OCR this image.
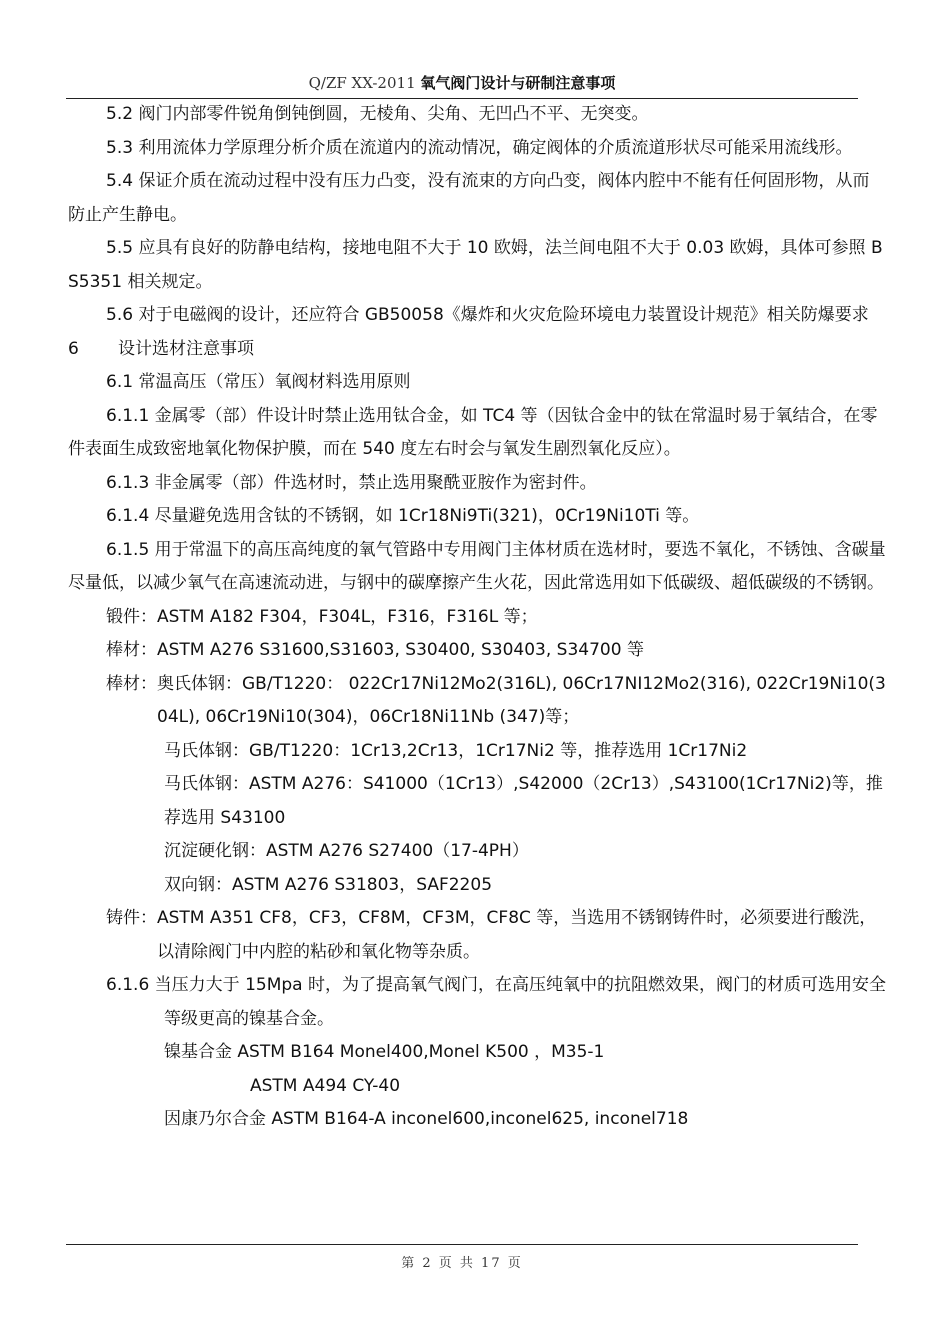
Q/ZF XX-2011 氧气阀门设计与研制注意事项

5.2 阀门内部零件锐角倒钝倒圆，无棱角、尖角、无凹凸不平、无突变。

5.3 利用流体力学原理分析介质在流道内的流动情况，确定阀体的介质流道形状尽可能采用流线形。

5.4 保证介质在流动过程中没有压力凸变，没有流束的方向凸变，阀体内腔中不能有任何固形物，从而防止产生静电。

5.5 应具有良好的防静电结构，接地电阻不大于 10 欧姆，法兰间电阻不大于 0.03 欧姆，具体可参照 BS5351 相关规定。

5.6 对于电磁阀的设计，还应符合 GB50058《爆炸和火灾危险环境电力装置设计规范》相关防爆要求

6 设计选材注意事项

6.1 常温高压（常压）氧阀材料选用原则

6.1.1 金属零（部）件设计时禁止选用钛合金，如 TC4 等（因钛合金中的钛在常温时易于氧结合，在零件表面生成致密地氧化物保护膜，而在 540 度左右时会与氧发生剧烈氧化反应）。

6.1.3 非金属零（部）件选材时，禁止选用聚酰亚胺作为密封件。

6.1.4 尽量避免选用含钛的不锈钢，如 1Cr18Ni9Ti(321)，0Cr19Ni10Ti 等。

6.1.5 用于常温下的高压高纯度的氧气管路中专用阀门主体材质在选材时，要选不氧化，不锈蚀、含碳量尽量低，以减少氧气在高速流动进，与钢中的碳摩擦产生火花，因此常选用如下低碳级、超低碳级的不锈钢。

锻件： ASTM A182 F304，F304L，F316，F316L 等；
棒材： ASTM A276 S31600,S31603, S30400, S30403, S34700 等
棒材： 奥氏体钢：GB/T1220： 022Cr17Ni12Mo2(316L), 06Cr17NI12Mo2(316), 022Cr19Ni10(304L), 06Cr19Ni10(304)，06Cr18Ni11Nb (347)等；
马氏体钢：GB/T1220：1Cr13,2Cr13，1Cr17Ni2 等，推荐选用 1Cr17Ni2
马氏体钢：ASTM A276：S41000（1Cr13）,S42000（2Cr13）,S43100(1Cr17Ni2)等，推荐选用 S43100
沉淀硬化钢：ASTM A276 S27400（17-4PH）
双向钢：ASTM A276 S31803，SAF2205
铸件： ASTM A351 CF8，CF3，CF8M，CF3M，CF8C 等，当选用不锈钢铸件时，必须要进行酸洗，以清除阀门中内腔的粘砂和氧化物等杂质。
6.1.6 当压力大于 15Mpa 时，为了提高氧气阀门，在高压纯氧中的抗阻燃效果，阀门的材质可选用安全等级更高的镍基合金。
镍基合金 ASTM B164 Monel400,Monel K500 ，M35-1
ASTM A494 CY-40
因康乃尔合金 ASTM B164-A inconel600,inconel625, inconel718
第 2 页 共 17 页
